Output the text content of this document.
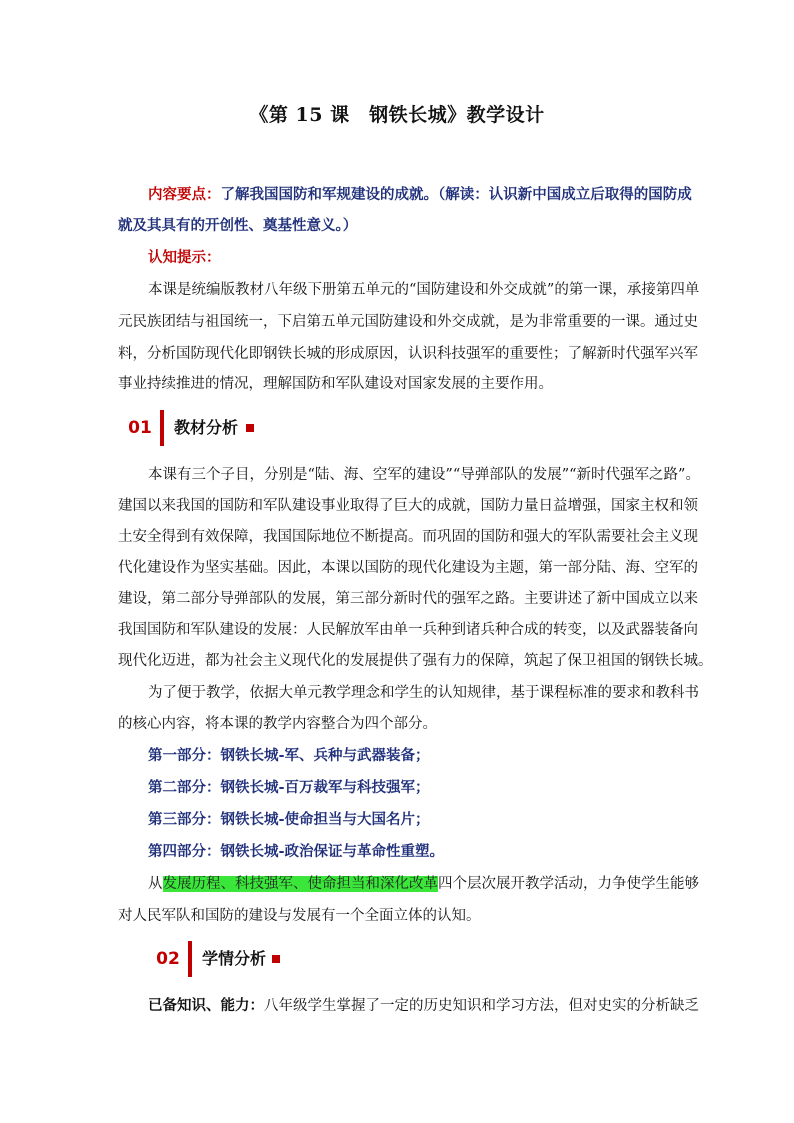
《第 15 课　钢铁长城》教学设计
内容要点：了解我国国防和军规建设的成就。（解读：认识新中国成立后取得的国防成
就及其具有的开创性、奠基性意义。）
认知提示：
本课是统编版教材八年级下册第五单元的“国防建设和外交成就”的第一课，承接第四单
元民族团结与祖国统一，下启第五单元国防建设和外交成就，是为非常重要的一课。通过史
料，分析国防现代化即钢铁长城的形成原因，认识科技强军的重要性；了解新时代强军兴军
事业持续推进的情况，理解国防和军队建设对国家发展的主要作用。
01	教材分析
本课有三个子目，分别是“陆、海、空军的建设”“导弹部队的发展”“新时代强军之路”。
建国以来我国的国防和军队建设事业取得了巨大的成就，国防力量日益增强，国家主权和领
土安全得到有效保障，我国国际地位不断提高。而巩固的国防和强大的军队需要社会主义现
代化建设作为坚实基础。因此，本课以国防的现代化建设为主题，第一部分陆、海、空军的
建设，第二部分导弹部队的发展，第三部分新时代的强军之路。主要讲述了新中国成立以来
我国国防和军队建设的发展：人民解放军由单一兵种到诸兵种合成的转变，以及武器装备向
现代化迈进，都为社会主义现代化的发展提供了强有力的保障，筑起了保卫祖国的钢铁长城。
为了便于教学，依据大单元教学理念和学生的认知规律，基于课程标准的要求和教科书
的核心内容，将本课的教学内容整合为四个部分。
第一部分：钢铁长城-军、兵种与武器装备；
第二部分：钢铁长城-百万裁军与科技强军；
第三部分：钢铁长城-使命担当与大国名片；
第四部分：钢铁长城-政治保证与革命性重塑。
从发展历程、科技强军、使命担当和深化改革四个层次展开教学活动，力争使学生能够
对人民军队和国防的建设与发展有一个全面立体的认知。
02	学情分析
已备知识、能力：八年级学生掌握了一定的历史知识和学习方法，但对史实的分析缺乏
